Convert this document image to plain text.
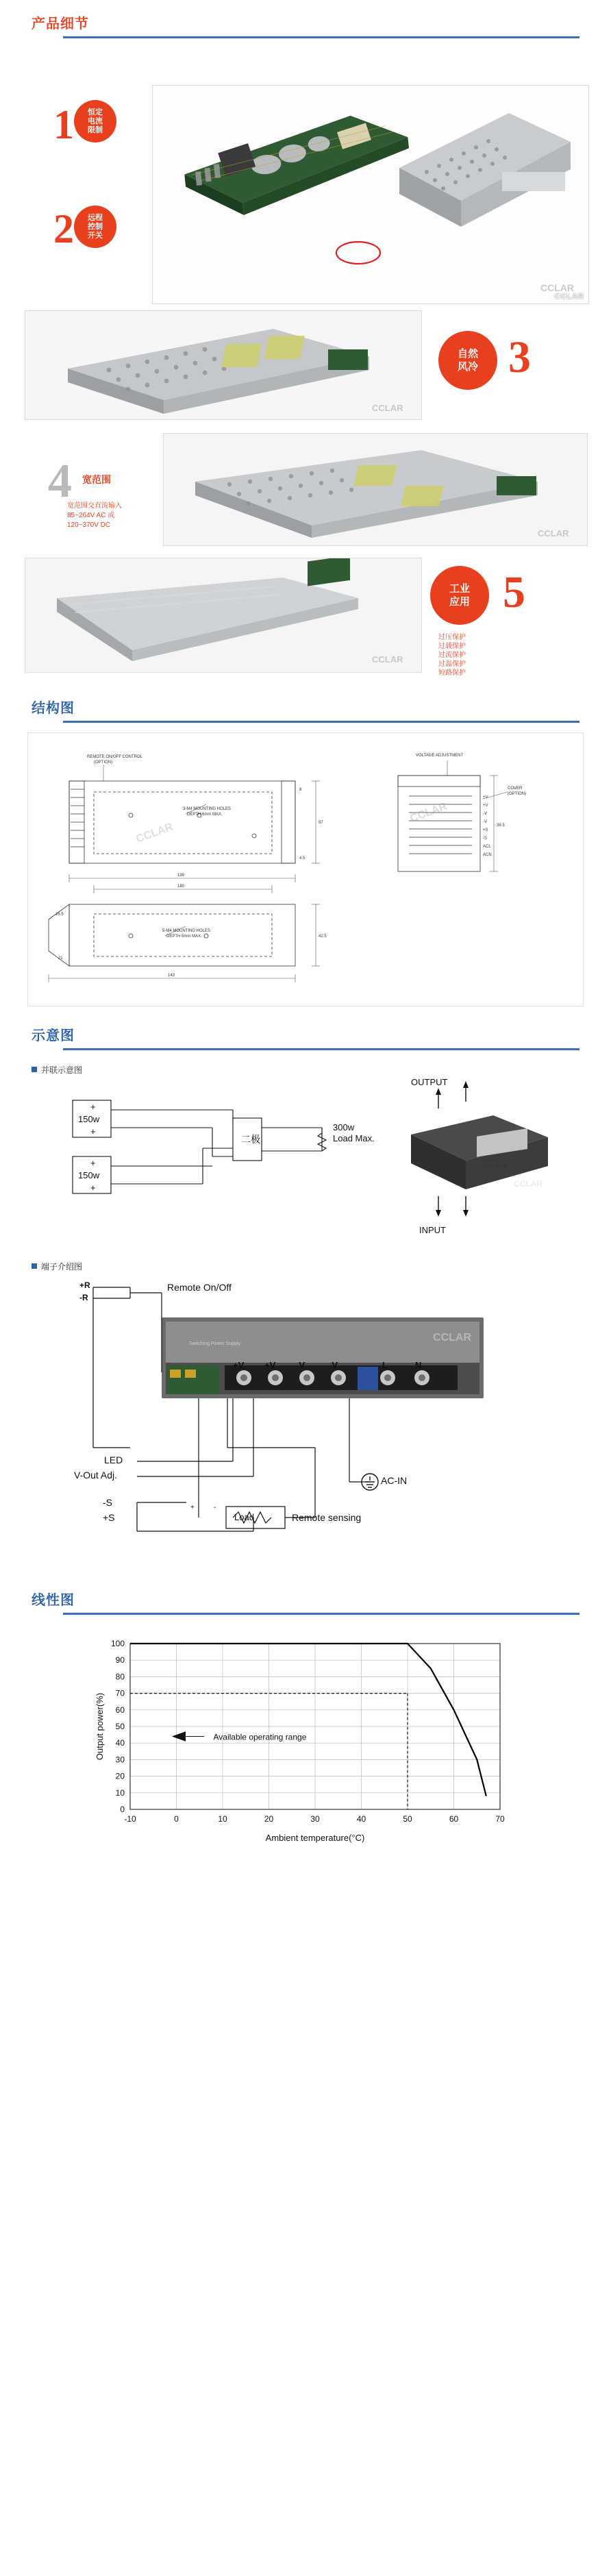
产品细节
1 恒定
电流
限制
2 远程
控制
开关
CCLAR
CCLAR
CCLAR
自然
风冷 3
4 宽范围
宽范围交直流输入
85~264V AC 或
120~370V DC
CCLAR
CCLAR
工业
应用 5
过压保护
过载保护
过流保护
过温保护
短路保护
结构图
REMOTE ON/OFF CONTROL
(OPTION)
VOLTAGE ADJUSTMENT
COVER
(OPTION)
3-M4 MOUNTING HOLES
DEPTH 6mm MAX.
5-M4 MOUNTING HOLES
DEPTH 5mm MAX.
199
180
143
97
42.5
36.5
25.5
21
8
4.5
+V
+V
-V
-V
+S
-S
ACL
ACN
CCLAR
CCLAR
示意图
并联示意图
150w
150w
二极
300w
Load Max.
+
+
+
+
Switching
Power Supply
CCLAR
OUTPUT
INPUT
端子介绍图
CCLAR
Switching Power Supply
+R
-R
Remote On/Off
+V +V -V	-V	L	N
LED
V-Out Adj.	AC-IN
-S
+S
+	-
Load	Remote sensing
线性图
-10	0	10	20	30	40	50	60	70
0
10
20
30
40
50
60
70
80
90
100
Ambient temperature(°C)
Output power(%)	Available operating range
